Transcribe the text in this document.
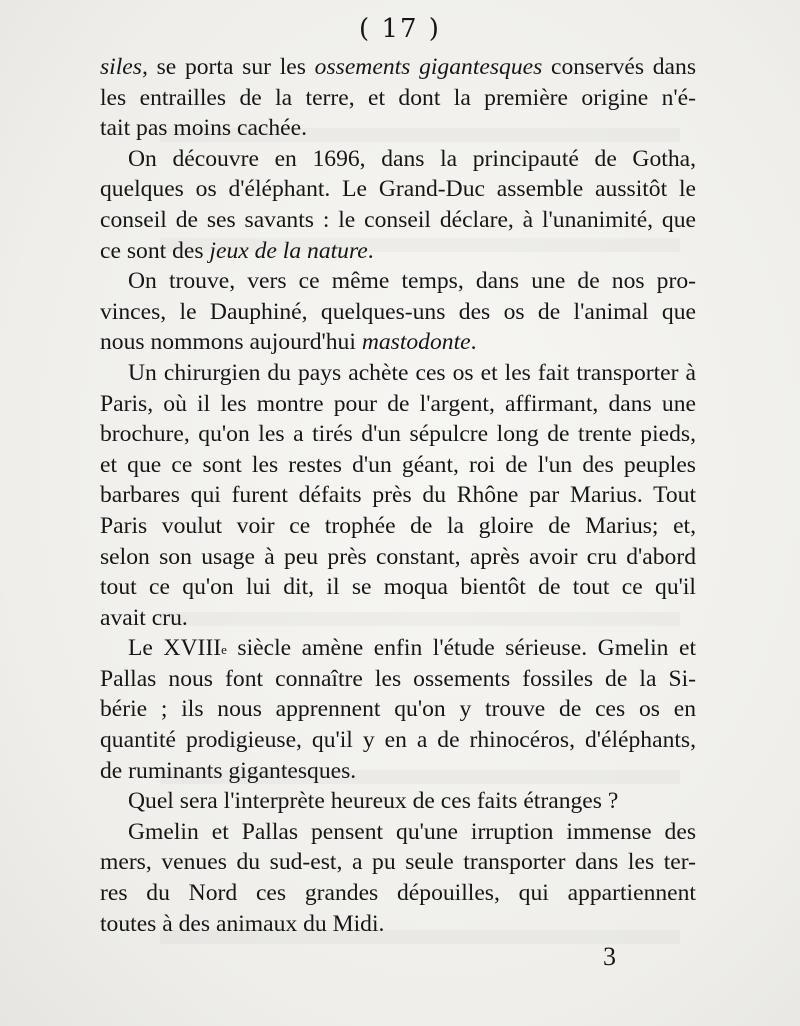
( 17 )
siles, se porta sur les ossements gigantesques conservés dans
les entrailles de la terre, et dont la première origine n'é-
tait pas moins cachée.
On découvre en 1696, dans la principauté de Gotha,
quelques os d'éléphant. Le Grand-Duc assemble aussitôt le
conseil de ses savants : le conseil déclare, à l'unanimité, que
ce sont des jeux de la nature.
On trouve, vers ce même temps, dans une de nos pro-
vinces, le Dauphiné, quelques-uns des os de l'animal que
nous nommons aujourd'hui mastodonte.
Un chirurgien du pays achète ces os et les fait transporter à
Paris, où il les montre pour de l'argent, affirmant, dans une
brochure, qu'on les a tirés d'un sépulcre long de trente pieds,
et que ce sont les restes d'un géant, roi de l'un des peuples
barbares qui furent défaits près du Rhône par Marius. Tout
Paris voulut voir ce trophée de la gloire de Marius; et,
selon son usage à peu près constant, après avoir cru d'abord
tout ce qu'on lui dit, il se moqua bientôt de tout ce qu'il
avait cru.
Le XVIIIe siècle amène enfin l'étude sérieuse. Gmelin et
Pallas nous font connaître les ossements fossiles de la Si-
bérie ; ils nous apprennent qu'on y trouve de ces os en
quantité prodigieuse, qu'il y en a de rhinocéros, d'éléphants,
de ruminants gigantesques.
Quel sera l'interprète heureux de ces faits étranges ?
Gmelin et Pallas pensent qu'une irruption immense des
mers, venues du sud-est, a pu seule transporter dans les ter-
res du Nord ces grandes dépouilles, qui appartiennent
toutes à des animaux du Midi.
3
